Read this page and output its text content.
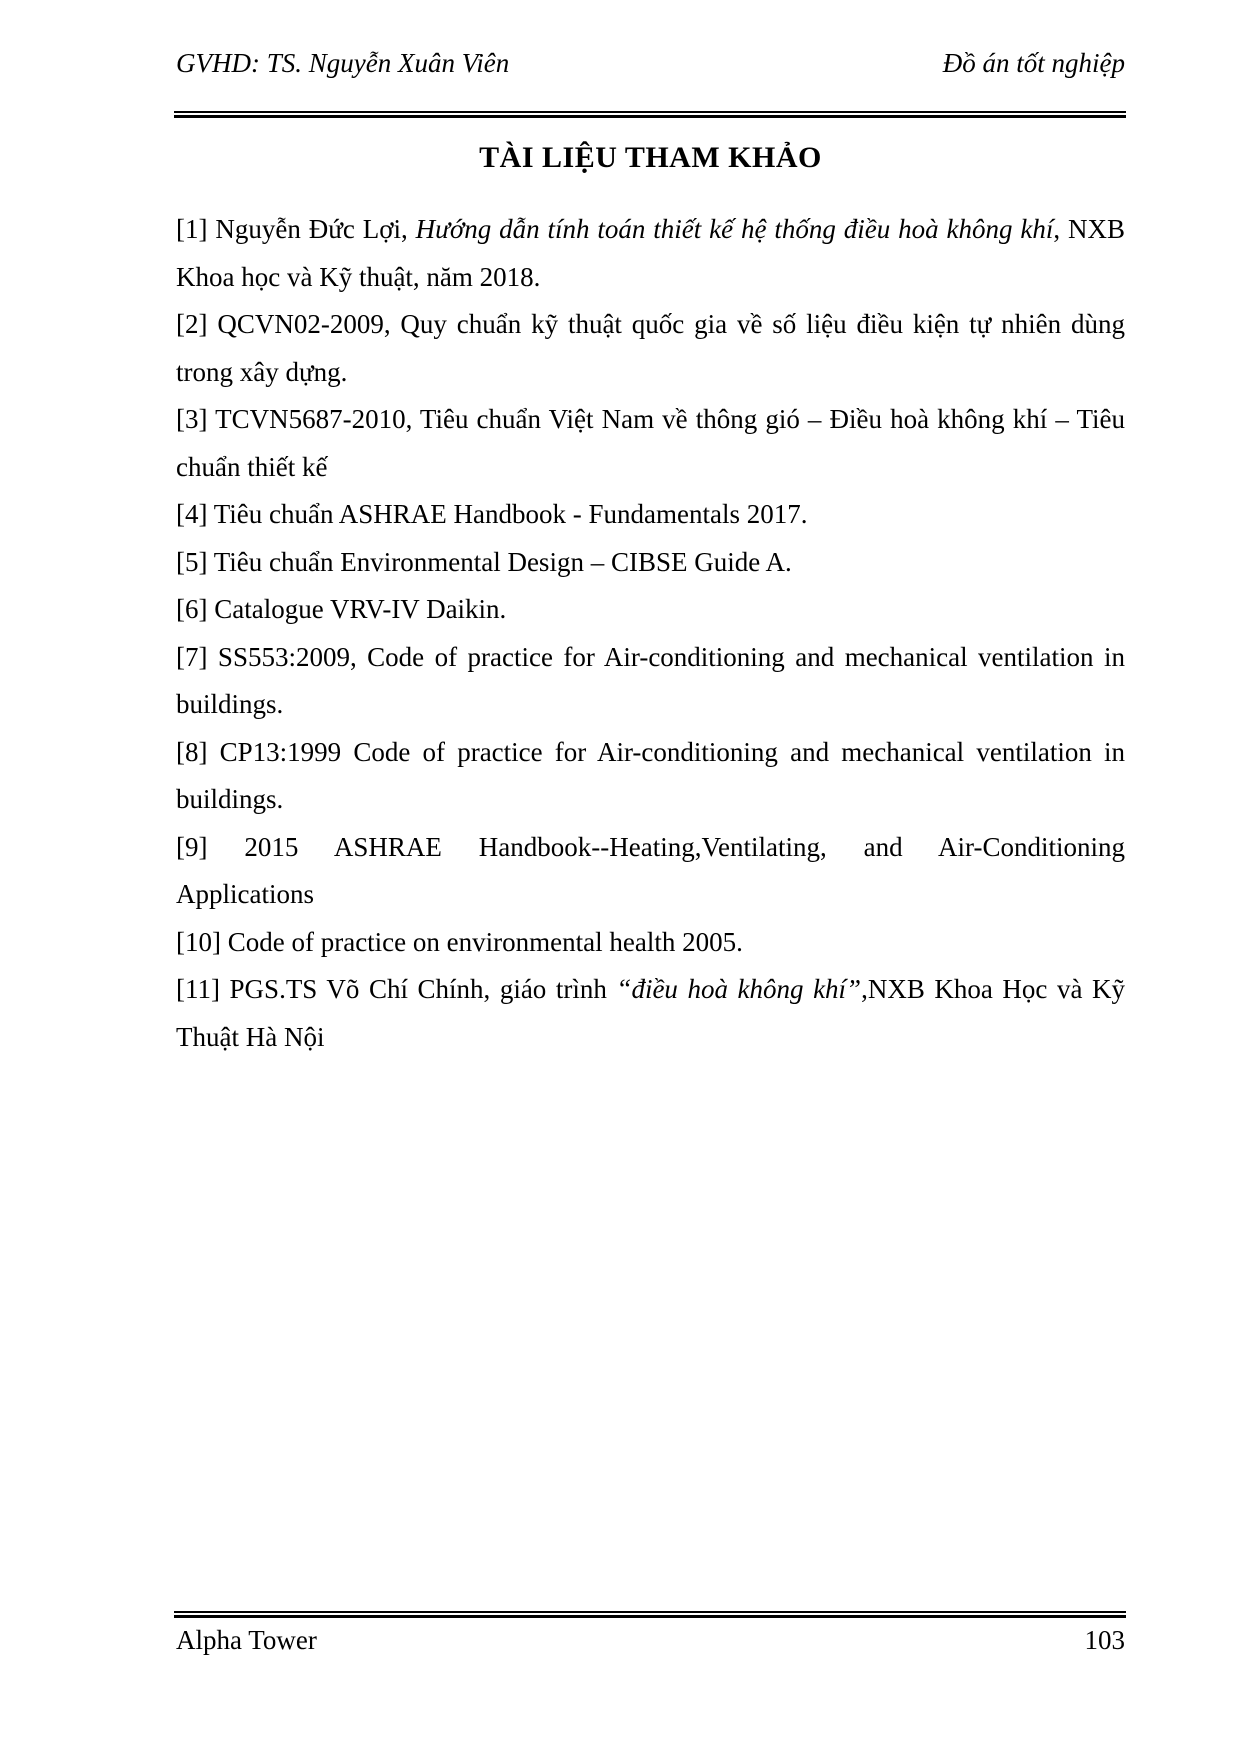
GVHD: TS. Nguyễn Xuân Viên	Đồ án tốt nghiệp
TÀI LIỆU THAM KHẢO
[1] Nguyễn Đức Lợi, Hướng dẫn tính toán thiết kế hệ thống điều hoà không khí, NXB
Khoa học và Kỹ thuật, năm 2018.
[2] QCVN02-2009, Quy chuẩn kỹ thuật quốc gia về số liệu điều kiện tự nhiên dùng
trong xây dựng.
[3] TCVN5687-2010, Tiêu chuẩn Việt Nam về thông gió – Điều hoà không khí – Tiêu
chuẩn thiết kế
[4] Tiêu chuẩn ASHRAE Handbook - Fundamentals 2017.
[5] Tiêu chuẩn Environmental Design – CIBSE Guide A.
[6] Catalogue VRV-IV Daikin.
[7] SS553:2009, Code of practice for Air-conditioning and mechanical ventilation in
buildings.
[8] CP13:1999 Code of practice for Air-conditioning and mechanical ventilation in
buildings.
[9] 2015 ASHRAE Handbook--Heating,Ventilating, and Air-Conditioning
Applications
[10] Code of practice on environmental health 2005.
[11] PGS.TS Võ Chí Chính, giáo trình “điều hoà không khí”,NXB Khoa Học và Kỹ
Thuật Hà Nội
Alpha Tower	103
